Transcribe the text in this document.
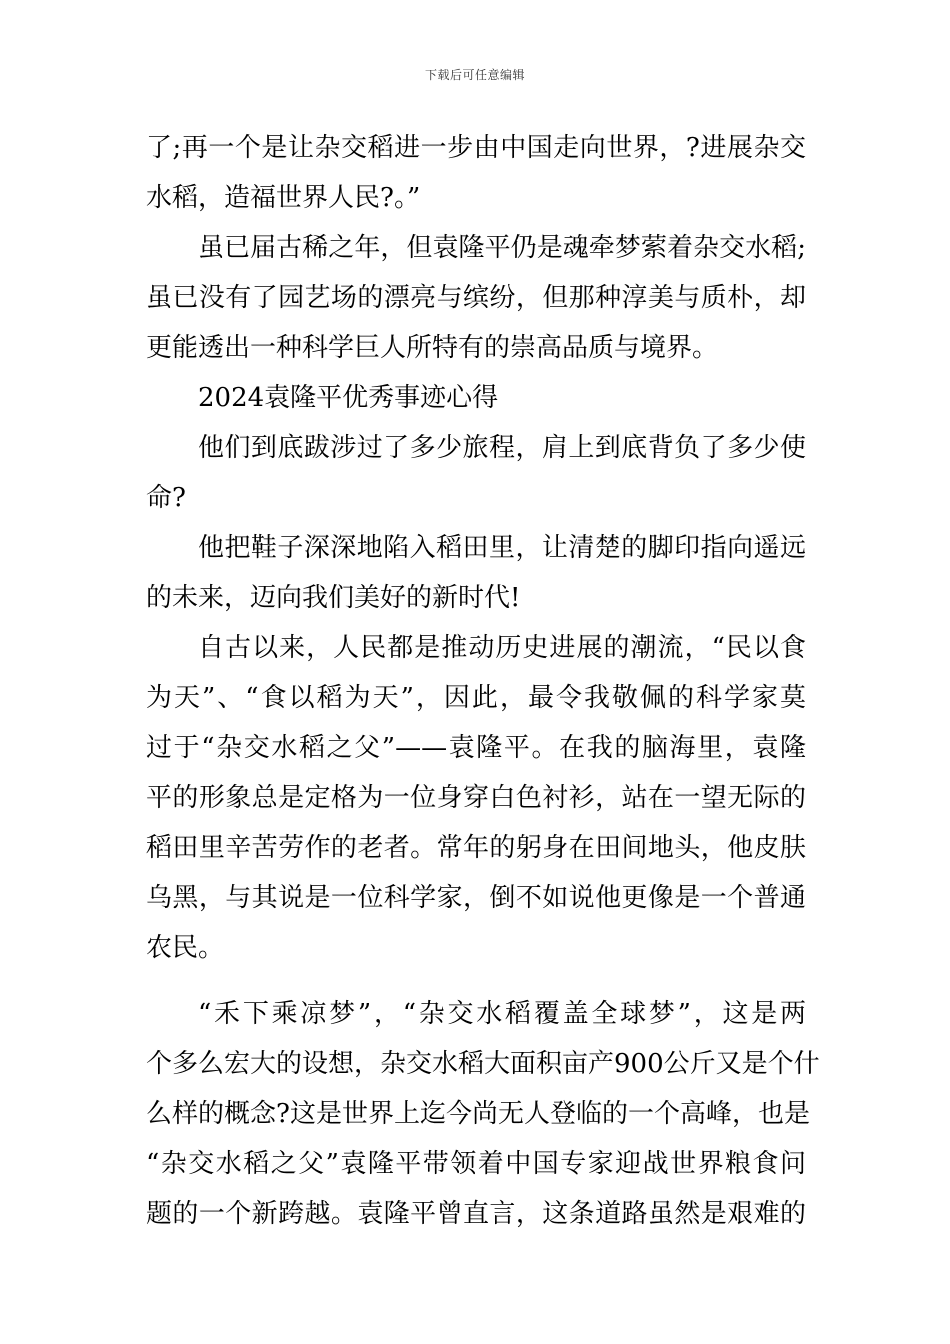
下载后可任意编辑
了;再一个是让杂交稻进一步由中国走向世界，?进展杂交
水稻，造福世界人民?。”
虽已届古稀之年，但袁隆平仍是魂牵梦萦着杂交水稻;
虽已没有了园艺场的漂亮与缤纷，但那种淳美与质朴，却
更能透出一种科学巨人所特有的崇高品质与境界。
2024袁隆平优秀事迹心得
他们到底跋涉过了多少旅程，肩上到底背负了多少使
命?
他把鞋子深深地陷入稻田里，让清楚的脚印指向遥远
的未来，迈向我们美好的新时代!
自古以来，人民都是推动历史进展的潮流，“民以食
为天”、“食以稻为天”，因此，最令我敬佩的科学家莫
过于“杂交水稻之父”——袁隆平。在我的脑海里，袁隆
平的形象总是定格为一位身穿白色衬衫，站在一望无际的
稻田里辛苦劳作的老者。常年的躬身在田间地头，他皮肤
乌黑，与其说是一位科学家，倒不如说他更像是一个普通
农民。
“禾下乘凉梦”，“杂交水稻覆盖全球梦”，这是两
个多么宏大的设想，杂交水稻大面积亩产900公斤又是个什
么样的概念?这是世界上迄今尚无人登临的一个高峰，也是
“杂交水稻之父”袁隆平带领着中国专家迎战世界粮食问
题的一个新跨越。袁隆平曾直言，这条道路虽然是艰难的
